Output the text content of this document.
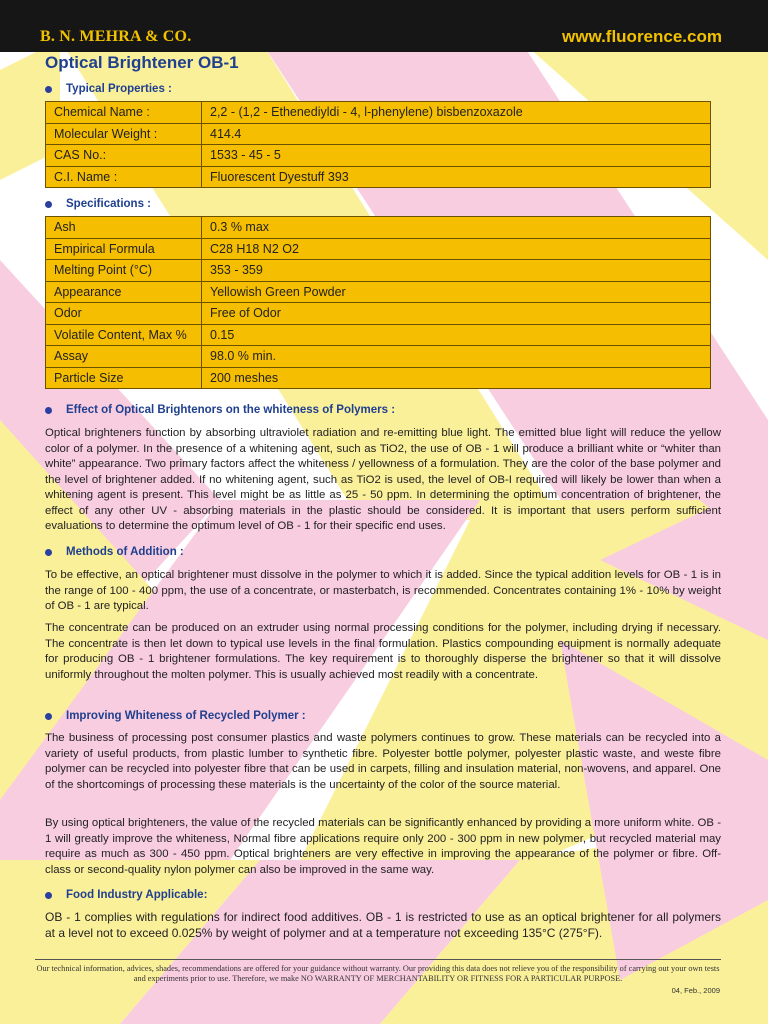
B. N. MEHRA & CO.	www.fluorence.com
Optical Brightener OB-1
Typical Properties :
Chemical Name :	2,2 - (1,2 - Ethenediyldi - 4, l-phenylene) bisbenzoxazole
Molecular Weight :	414.4
CAS No.:	1533 - 45 - 5
C.I. Name :	Fluorescent Dyestuff 393
Specifications :
Ash	0.3 % max
Empirical Formula	C28 H18 N2 O2
Melting Point (°C)	353 - 359
Appearance	Yellowish Green Powder
Odor	Free of Odor
Volatile Content, Max %	0.15
Assay	98.0 % min.
Particle Size	200 meshes
Effect of Optical Brightenors on the whiteness of Polymers :

Optical brighteners function by absorbing ultraviolet radiation and re-emitting blue light. The emitted blue light will reduce the yellow color of a polymer. In the presence of a whitening agent, such as TiO2, the use of OB - 1 will produce a brilliant white or “whiter than white” appearance. Two primary factors affect the whiteness / yellowness of a formulation. They are the color of the base polymer and the level of brightener added. If no whitening agent, such as TiO2 is used, the level of OB-I required will likely be lower than when a whitening agent is present. This level might be as little as 25 - 50 ppm. In determining the optimum concentration of brightener, the effect of any other UV - absorbing materials in the plastic should be considered. It is important that users perform sufficient evaluations to determine the optimum level of OB - 1 for their specific end uses.

Methods of Addition :

To be effective, an optical brightener must dissolve in the polymer to which it is added. Since the typical addition levels for OB - 1 is in the range of 100 - 400 ppm, the use of a concentrate, or masterbatch, is recommended. Concentrates containing 1% - 10% by weight of OB - 1 are typical.

The concentrate can be produced on an extruder using normal processing conditions for the polymer, including drying if necessary. The concentrate is then let down to typical use levels in the final formulation. Plastics compounding equipment is normally adequate for producing OB - 1 brightener formulations. The key requirement is to thoroughly disperse the brightener so that it will dissolve uniformly throughout the molten polymer. This is usually achieved most readily with a concentrate.

Improving Whiteness of Recycled Polymer :

The business of processing post consumer plastics and waste polymers continues to grow. These materials can be recycled into a variety of useful products, from plastic lumber to synthetic fibre. Polyester bottle polymer, polyester plastic waste, and weste fibre polymer can be recycled into polyester fibre that can be used in carpets, filling and insulation material, non-wovens, and apparel. One of the shortcomings of processing these materials is the uncertainty of the color of the source material.

By using optical brighteners, the value of the recycled materials can be significantly enhanced by providing a more uniform white. OB - 1 will greatly improve the whiteness, Normal fibre applications require only 200 - 300 ppm in new polymer, but recycled material may require as much as 300 - 450 ppm. Optical brighteners are very effective in improving the appearance of the polymer or fibre. Off-class or second-quality nylon polymer can also be improved in the same way.

Food Industry Applicable:

OB - 1 complies with regulations for indirect food additives. OB - 1 is restricted to use as an optical brightener for all polymers at a level not to exceed 0.025% by weight of polymer and at a temperature not exceeding 135°C (275°F).

Our technical information, advices, shades, recommendations are offered for your guidance without warranty. Our providing this data does not relieve you of the responsibility of carrying out your own tests and experiments prior to use. Therefore, we make NO WARRANTY OF MERCHANTABILITY OR FITNESS FOR A PARTICULAR PURPOSE.

04, Feb., 2009
